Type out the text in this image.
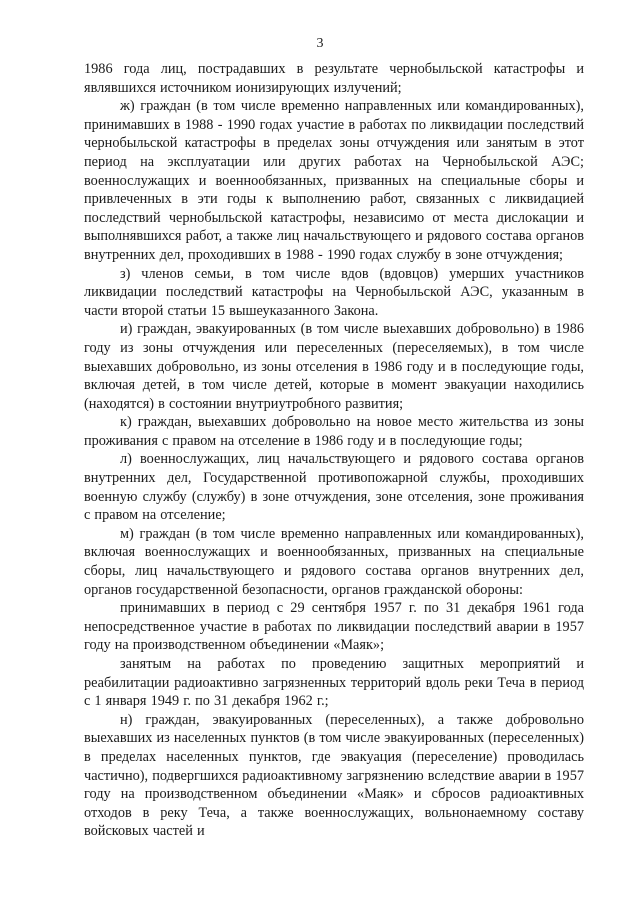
3

1986 года лиц, пострадавших в результате чернобыльской катастрофы и являвшихся источником ионизирующих излучений;

ж) граждан (в том числе временно направленных или командированных), принимавших в 1988 - 1990 годах участие в работах по ликвидации последствий чернобыльской катастрофы в пределах зоны отчуждения или занятым в этот период на эксплуатации или других работах на Чернобыльской АЭС; военнослужащих и военнообязанных, призванных на специальные сборы и привлеченных в эти годы к выполнению работ, связанных с ликвидацией последствий чернобыльской катастрофы, независимо от места дислокации и выполнявшихся работ, а также лиц начальствующего и рядового состава органов внутренних дел, проходивших в 1988 - 1990 годах службу в зоне отчуждения;

з) членов семьи, в том числе вдов (вдовцов) умерших участников ликвидации последствий катастрофы на Чернобыльской АЭС, указанным в части второй статьи 15 вышеуказанного Закона.

и) граждан, эвакуированных (в том числе выехавших добровольно) в 1986 году из зоны отчуждения или переселенных (переселяемых), в том числе выехавших добровольно, из зоны отселения в 1986 году и в последующие годы, включая детей, в том числе детей, которые в момент эвакуации находились (находятся) в состоянии внутриутробного развития;

к) граждан, выехавших добровольно на новое место жительства из зоны проживания с правом на отселение в 1986 году и в последующие годы;

л) военнослужащих, лиц начальствующего и рядового состава органов внутренних дел, Государственной противопожарной службы, проходивших военную службу (службу) в зоне отчуждения, зоне отселения, зоне проживания с правом на отселение;

м) граждан (в том числе временно направленных или командированных), включая военнослужащих и военнообязанных, призванных на специальные сборы, лиц начальствующего и рядового состава органов внутренних дел, органов государственной безопасности, органов гражданской обороны:

принимавших в период с 29 сентября 1957 г. по 31 декабря 1961 года непосредственное участие в работах по ликвидации последствий аварии в 1957 году на производственном объединении «Маяк»;

занятым на работах по проведению защитных мероприятий и реабилитации радиоактивно загрязненных территорий вдоль реки Теча в период с 1 января 1949 г. по 31 декабря 1962 г.;

н) граждан, эвакуированных (переселенных), а также добровольно выехавших из населенных пунктов (в том числе эвакуированных (переселенных) в пределах населенных пунктов, где эвакуация (переселение) проводилась частично), подвергшихся радиоактивному загрязнению вследствие аварии в 1957 году на производственном объединении «Маяк» и сбросов радиоактивных отходов в реку Теча, а также военнослужащих, вольнонаемному составу войсковых частей и
